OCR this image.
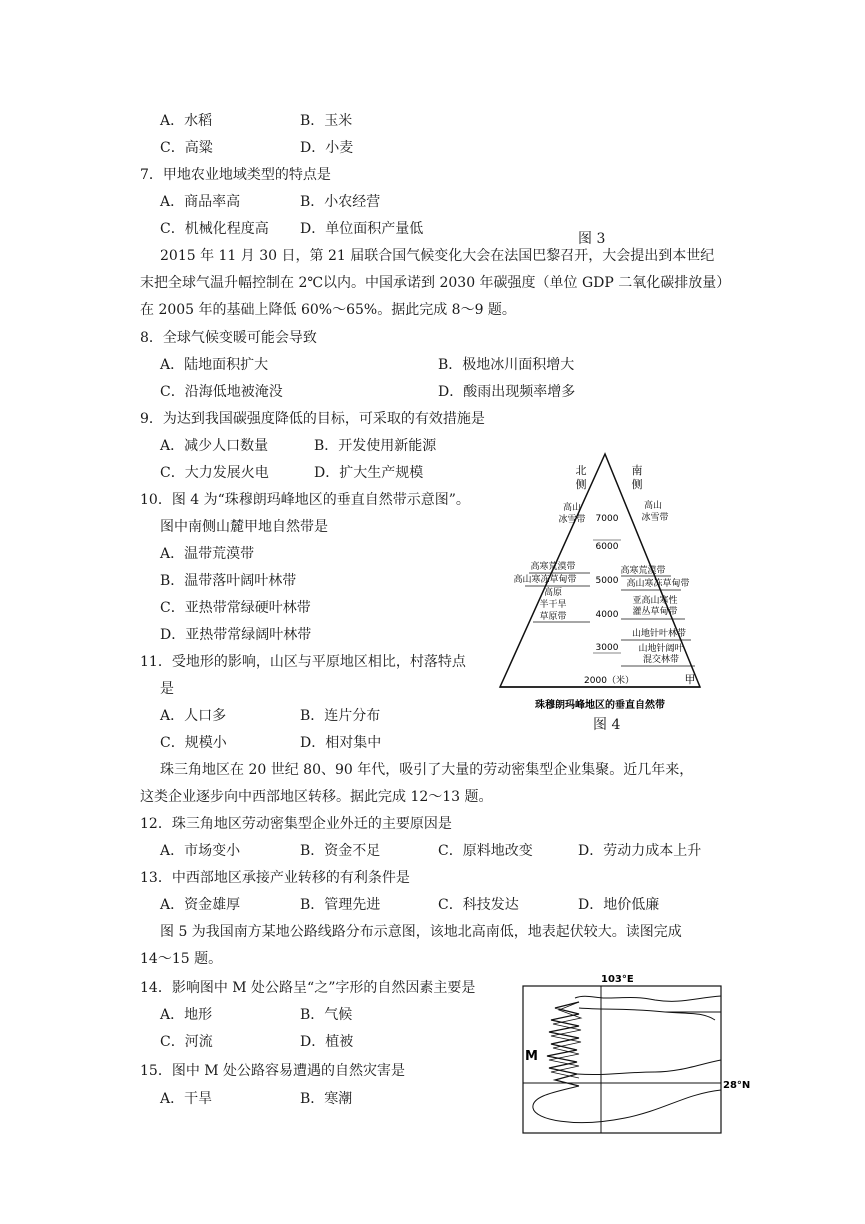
A．水稻	B．玉米
C．高粱	D．小麦
7．甲地农业地域类型的特点是
A．商品率高	B．小农经营
C．机械化程度高 D．单位面积产量低
图 3
2015 年 11 月 30 日，第 21 届联合国气候变化大会在法国巴黎召开，大会提出到本世纪
末把全球气温升幅控制在 2℃以内。中国承诺到 2030 年碳强度（单位 GDP 二氧化碳排放量）
在 2005 年的基础上降低 60%～65%。据此完成 8～9 题。
8．全球气候变暖可能会导致
A．陆地面积扩大	B．极地冰川面积增大
C．沿海低地被淹没	D．酸雨出现频率增多
9．为达到我国碳强度降低的目标，可采取的有效措施是
A．减少人口数量	B．开发使用新能源
C．大力发展火电	D．扩大生产规模
10．图 4 为“珠穆朗玛峰地区的垂直自然带示意图”。
图中南侧山麓甲地自然带是
A．温带荒漠带
B．温带落叶阔叶林带
C．亚热带常绿硬叶林带
D．亚热带常绿阔叶林带
11．受地形的影响，山区与平原地区相比，村落特点
是
A．人口多	B．连片分布
C．规模小	D．相对集中
北
侧
南
侧
高山
冰雪带
高寒荒漠带
高山寒冻草甸带
高原
半干旱
草原带
7000
6000
5000
4000
3000
2000（米）
高山
冰雪带
高寒荒漠带
高山寒冻草甸带
亚高山寒性
灌丛草甸带
山地针叶林带
山地针阔叶
混交林带
甲
珠穆朗玛峰地区的垂直自然带
图 4
珠三角地区在 20 世纪 80、90 年代，吸引了大量的劳动密集型企业集聚。近几年来，
这类企业逐步向中西部地区转移。据此完成 12～13 题。
12．珠三角地区劳动密集型企业外迁的主要原因是
A．市场变小	B．资金不足	C．原料地改变	D．劳动力成本上升
13．中西部地区承接产业转移的有利条件是
A．资金雄厚	B．管理先进	C．科技发达	D．地价低廉
图 5 为我国南方某地公路线路分布示意图，该地北高南低，地表起伏较大。读图完成
14～15 题。
14．影响图中 M 处公路呈“之”字形的自然因素主要是
A．地形	B．气候
C．河流	D．植被
15．图中 M 处公路容易遭遇的自然灾害是
A．干旱	B．寒潮
103°E
28°N
M
